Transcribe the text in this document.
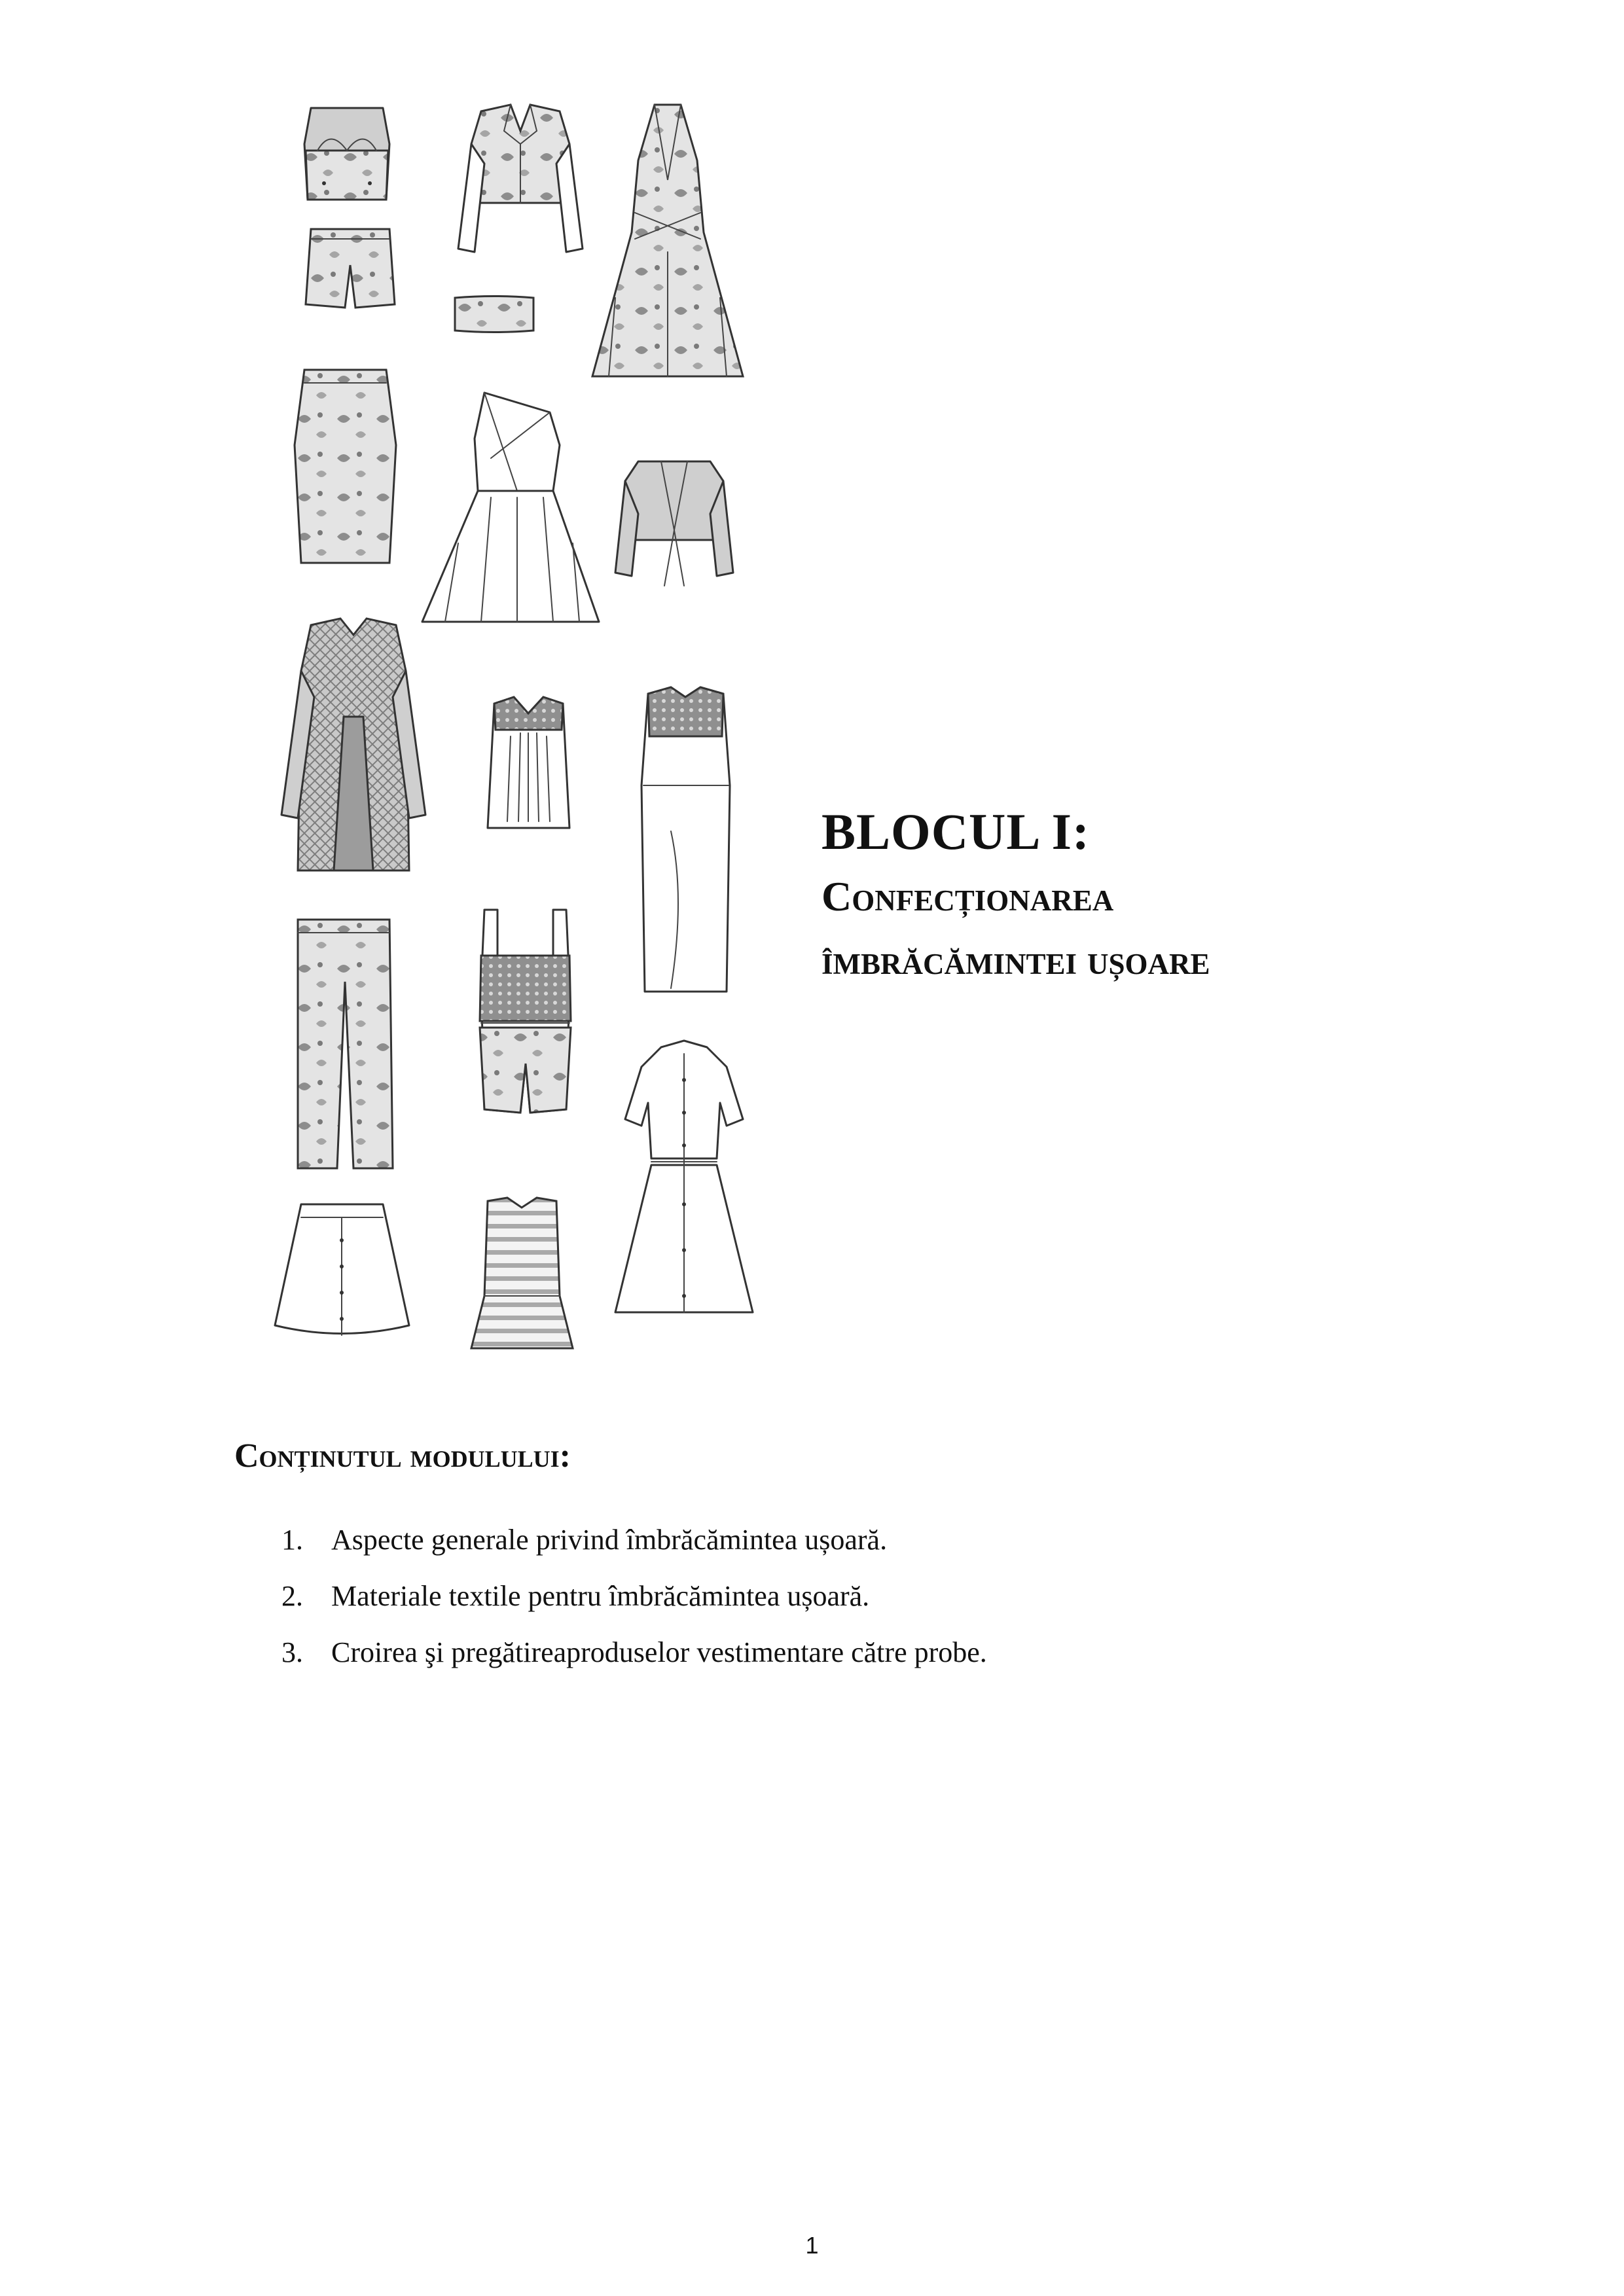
BLOCUL I:
Confecționarea
îmbrăcămintei ușoare
Conținutul modulului:
1. Aspecte generale privind îmbrăcămintea ușoară.
2. Materiale textile pentru îmbrăcămintea ușoară.
3. Croirea şi pregătireaproduselor vestimentare către probe.
1
